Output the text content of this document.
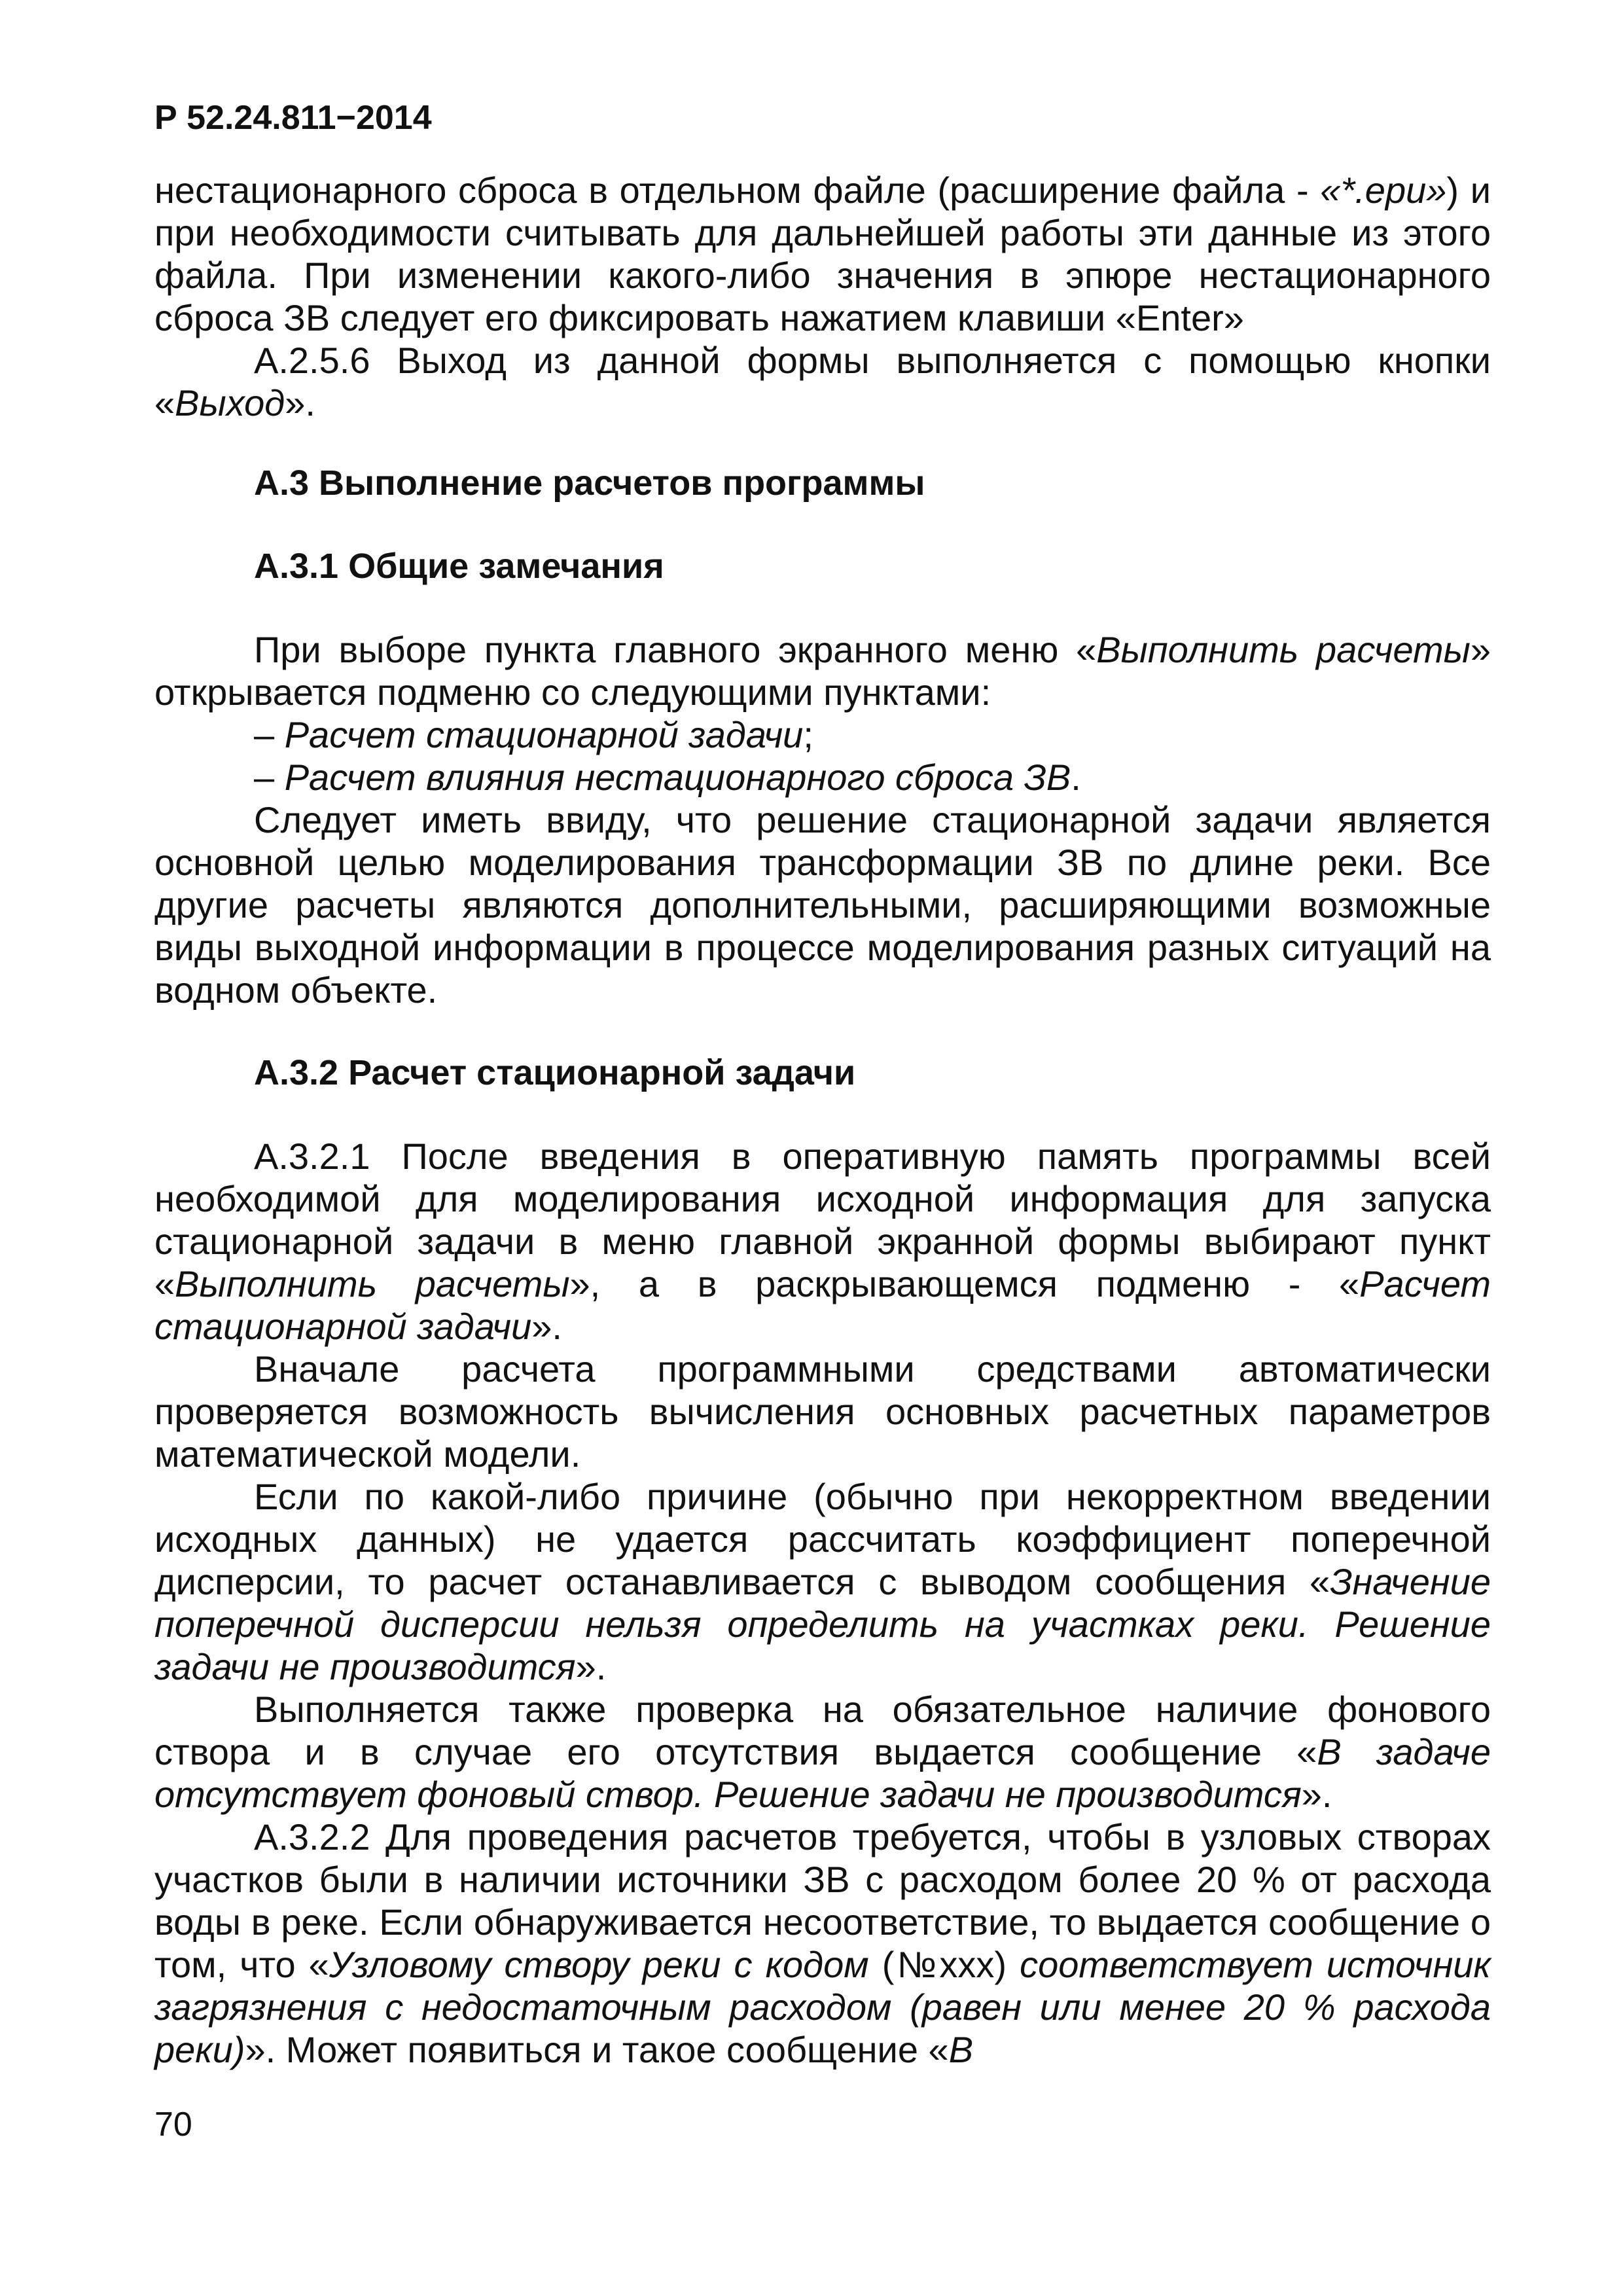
Р 52.24.811−2014

нестационарного сброса в отдельном файле (расширение файла - «*.epu») и при необходимости считывать для дальнейшей работы эти данные из этого файла. При изменении какого-либо значения в эпюре нестационарного сброса ЗВ следует его фиксировать нажатием клавиши «Enter»

А.2.5.6 Выход из данной формы выполняется с помощью кнопки «Выход».

А.3 Выполнение расчетов программы
А.3.1 Общие замечания

При выборе пункта главного экранного меню «Выполнить расчеты» открывается подменю со следующими пунктами:

– Расчет стационарной задачи;

– Расчет влияния нестационарного сброса ЗВ.

Следует иметь ввиду, что решение стационарной задачи является основной целью моделирования трансформации ЗВ по длине реки. Все другие расчеты являются дополнительными, расширяющими возможные виды выходной информации в процессе моделирования разных ситуаций на водном объекте.

А.3.2 Расчет стационарной задачи

А.3.2.1 После введения в оперативную память программы всей необходимой для моделирования исходной информация для запуска стационарной задачи в меню главной экранной формы выбирают пункт «Выполнить расчеты», а в раскрывающемся подменю - «Расчет стационарной задачи».

Вначале расчета программными средствами автоматически проверяется возможность вычисления основных расчетных параметров математической модели.

Если по какой-либо причине (обычно при некорректном введении исходных данных) не удается рассчитать коэффициент поперечной дисперсии, то расчет останавливается с выводом сообщения «Значение поперечной дисперсии нельзя определить на участках реки. Решение задачи не производится».

Выполняется также проверка на обязательное наличие фонового створа и в случае его отсутствия выдается сообщение «В задаче отсутствует фоновый створ. Решение задачи не производится».

А.3.2.2 Для проведения расчетов требуется, чтобы в узловых створах участков были в наличии источники ЗВ с расходом более 20 % от расхода воды в реке. Если обнаруживается несоответствие, то выдается сообщение о том, что «Узловому створу реки с кодом (№xxx) соответствует источник загрязнения с недостаточным расходом (равен или менее 20 % расхода реки)». Может появиться и такое сообщение «В

70
